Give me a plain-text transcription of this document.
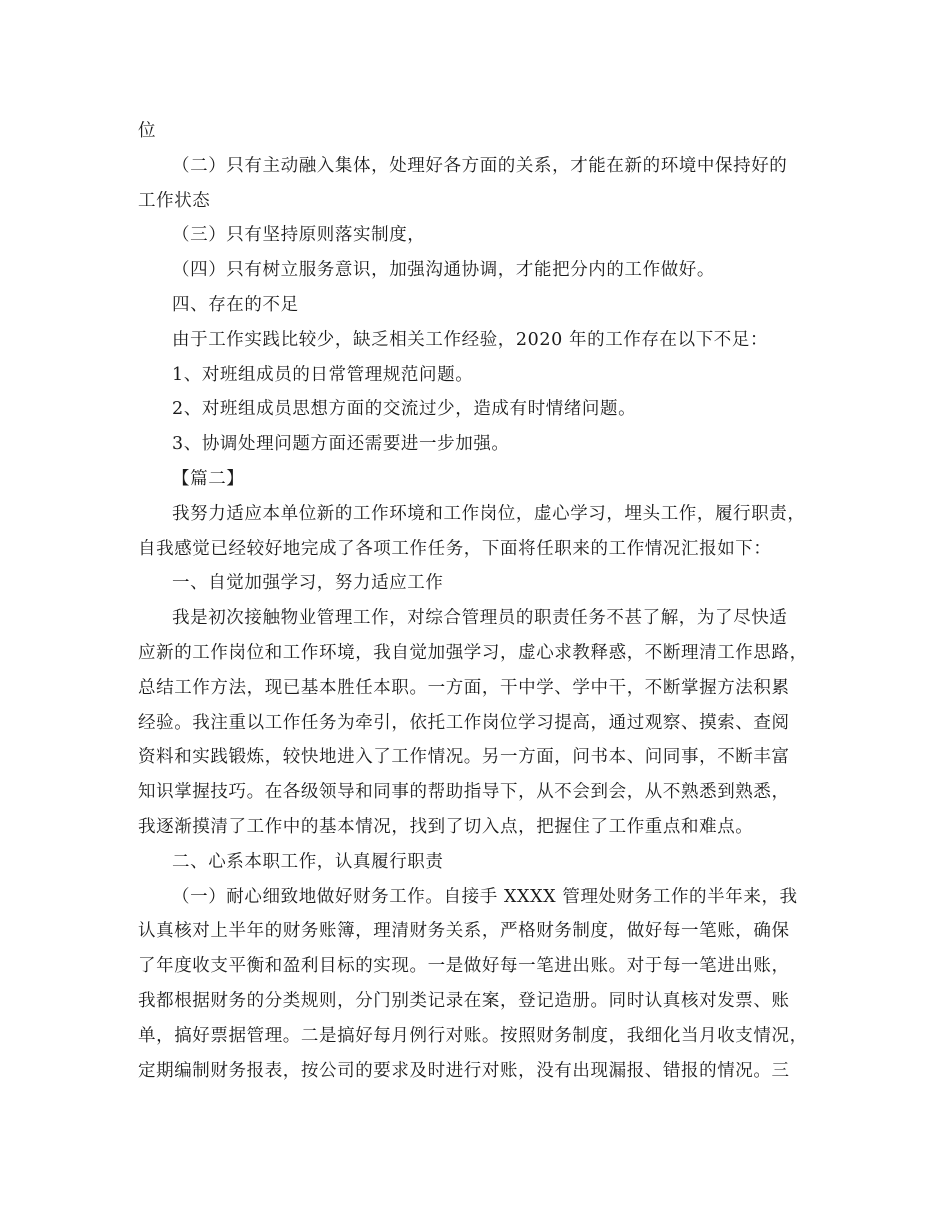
位
（二）只有主动融入集体，处理好各方面的关系，才能在新的环境中保持好的
工作状态
（三）只有坚持原则落实制度，
（四）只有树立服务意识，加强沟通协调，才能把分内的工作做好。
四、存在的不足
由于工作实践比较少，缺乏相关工作经验，2020 年的工作存在以下不足：
1、对班组成员的日常管理规范问题。
2、对班组成员思想方面的交流过少，造成有时情绪问题。
3、协调处理问题方面还需要进一步加强。
【篇二】
我努力适应本单位新的工作环境和工作岗位，虚心学习，埋头工作，履行职责，
自我感觉已经较好地完成了各项工作任务，下面将任职来的工作情况汇报如下：
一、自觉加强学习，努力适应工作
我是初次接触物业管理工作，对综合管理员的职责任务不甚了解，为了尽快适
应新的工作岗位和工作环境，我自觉加强学习，虚心求教释惑，不断理清工作思路，
总结工作方法，现已基本胜任本职。一方面，干中学、学中干，不断掌握方法积累
经验。我注重以工作任务为牵引，依托工作岗位学习提高，通过观察、摸索、查阅
资料和实践锻炼，较快地进入了工作情况。另一方面，问书本、问同事，不断丰富
知识掌握技巧。在各级领导和同事的帮助指导下，从不会到会，从不熟悉到熟悉，
我逐渐摸清了工作中的基本情况，找到了切入点，把握住了工作重点和难点。
二、心系本职工作，认真履行职责
（一）耐心细致地做好财务工作。自接手 XXXX 管理处财务工作的半年来，我
认真核对上半年的财务账簿，理清财务关系，严格财务制度，做好每一笔账，确保
了年度收支平衡和盈利目标的实现。一是做好每一笔进出账。对于每一笔进出账，
我都根据财务的分类规则，分门别类记录在案，登记造册。同时认真核对发票、账
单，搞好票据管理。二是搞好每月例行对账。按照财务制度，我细化当月收支情况，
定期编制财务报表，按公司的要求及时进行对账，没有出现漏报、错报的情况。三
